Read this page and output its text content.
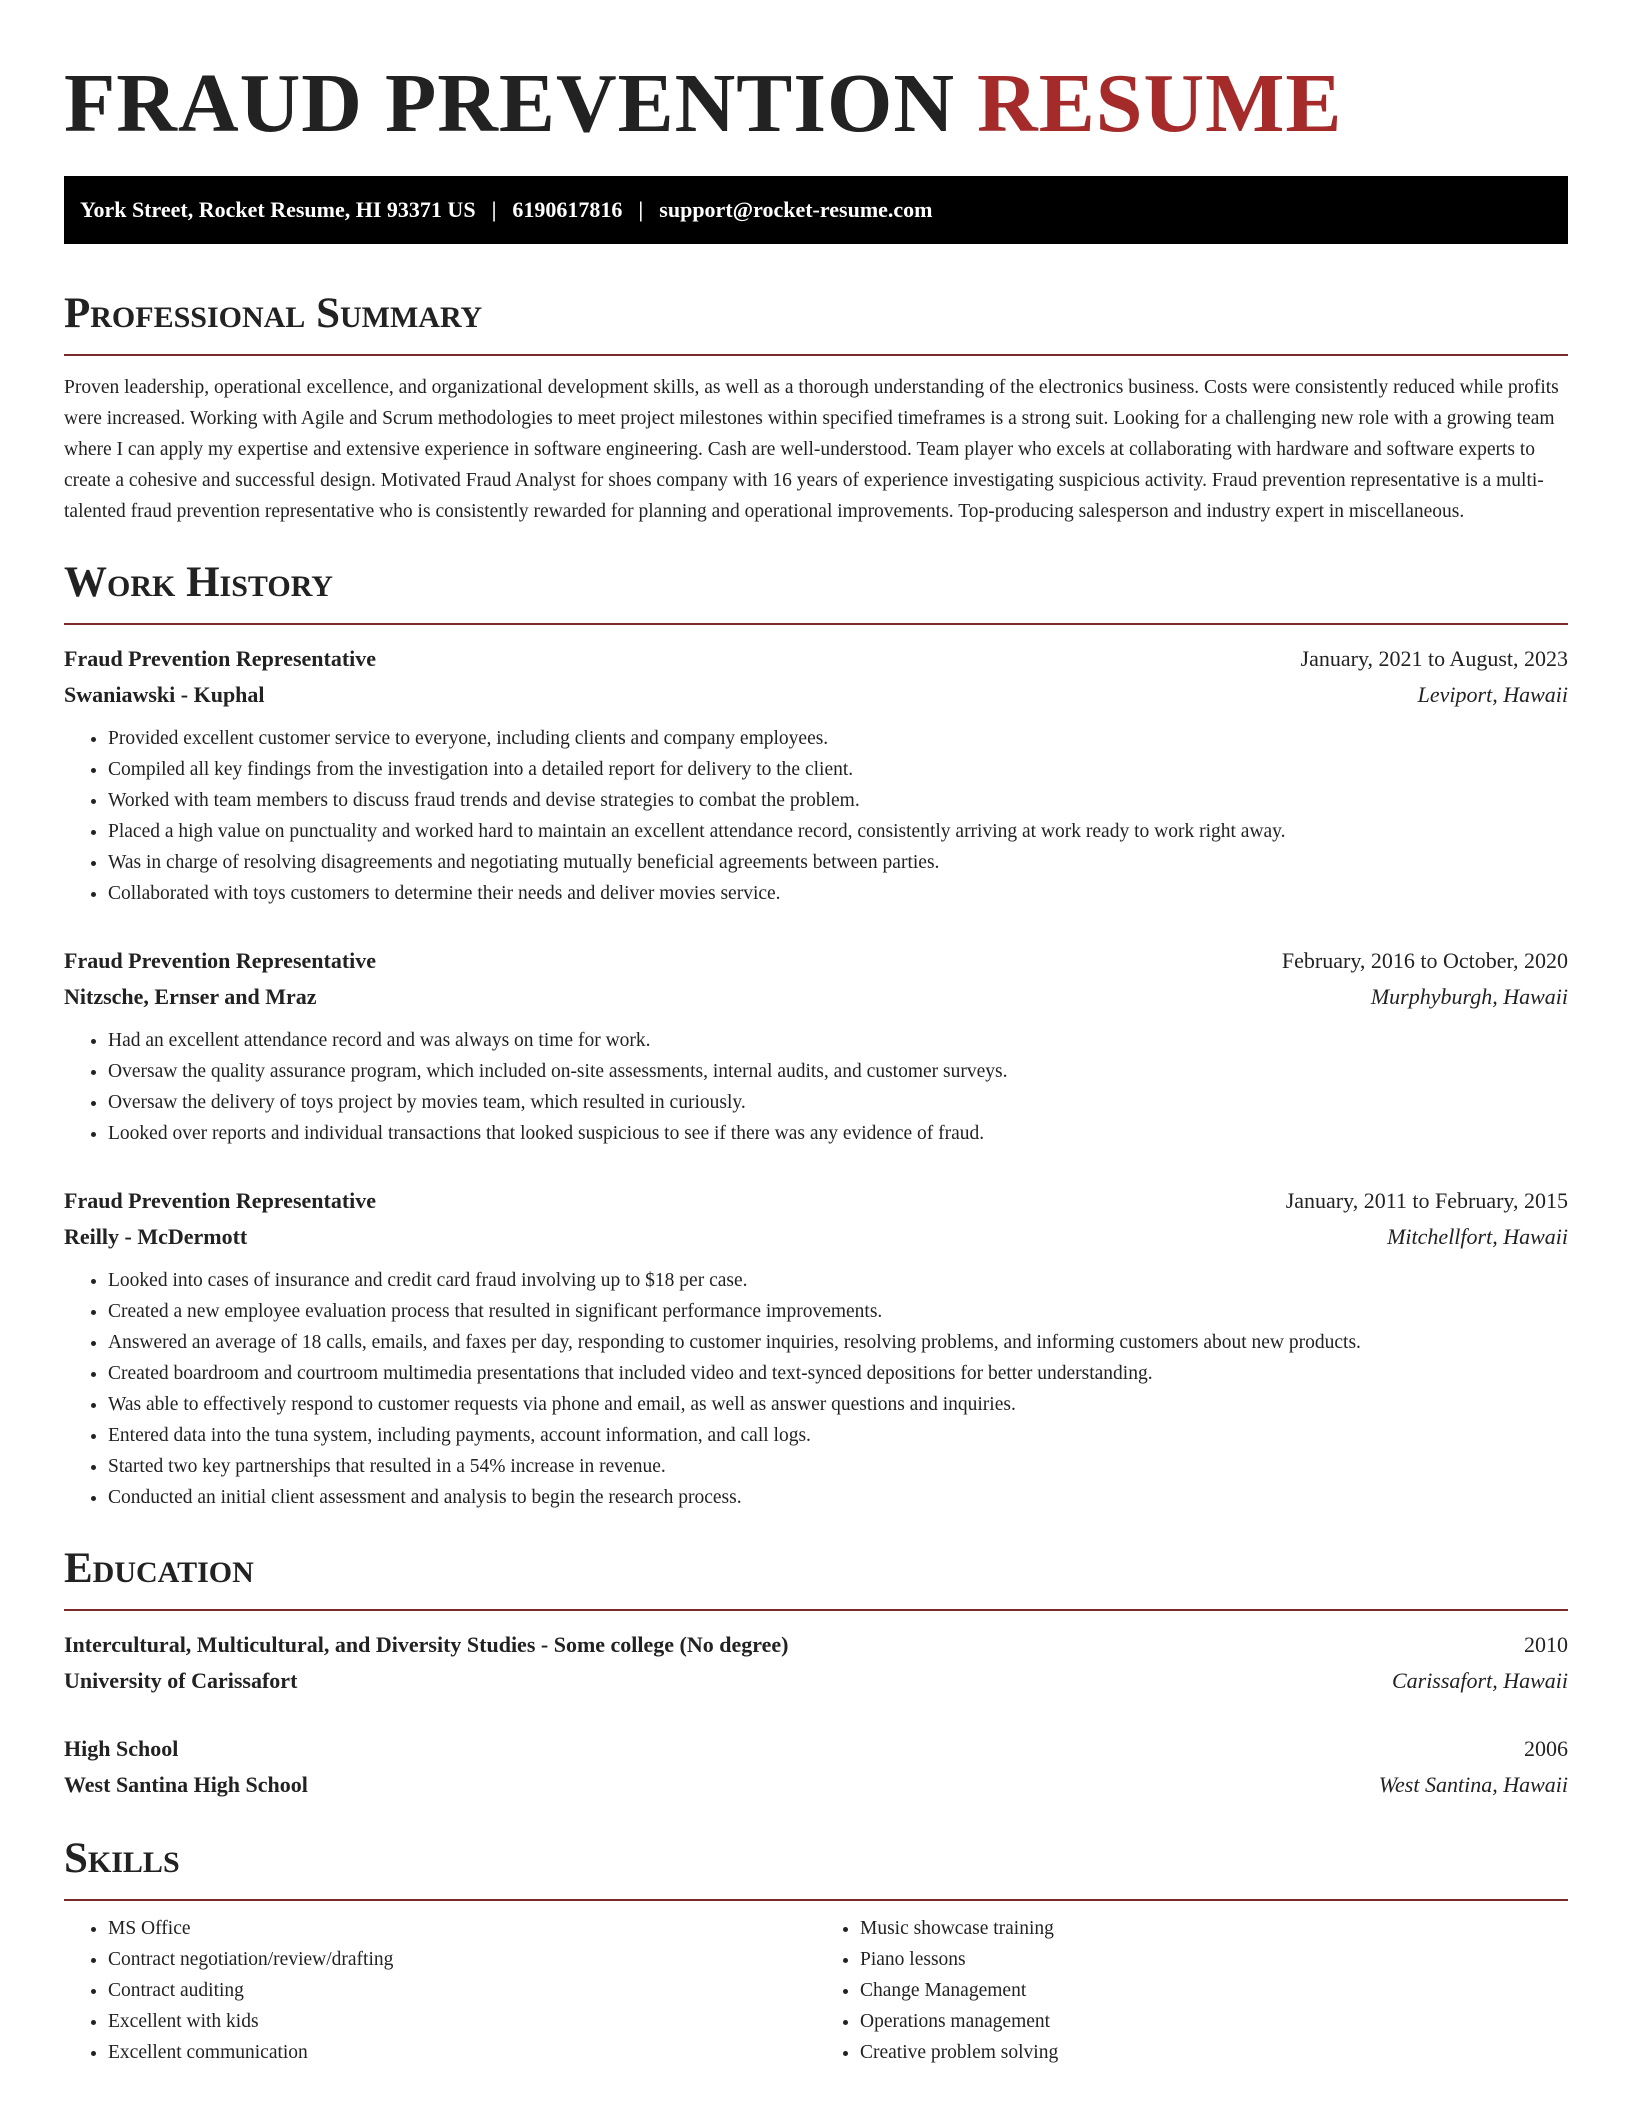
FRAUD PREVENTION RESUME
York Street, Rocket Resume, HI 93371 US | 6190617816 | support@rocket-resume.com
Professional Summary

Proven leadership, operational excellence, and organizational development skills, as well as a thorough understanding of the electronics business. Costs were consistently reduced while profits were increased. Working with Agile and Scrum methodologies to meet project milestones within specified timeframes is a strong suit. Looking for a challenging new role with a growing team where I can apply my expertise and extensive experience in software engineering. Cash are well-understood. Team player who excels at collaborating with hardware and software experts to create a cohesive and successful design. Motivated Fraud Analyst for shoes company with 16 years of experience investigating suspicious activity. Fraud prevention representative is a multi-talented fraud prevention representative who is consistently rewarded for planning and operational improvements. Top-producing salesperson and industry expert in miscellaneous.

Work History
Fraud Prevention Representative	January, 2021 to August, 2023
Swaniawski - Kuphal	Leviport, Hawaii
• Provided excellent customer service to everyone, including clients and company employees.
• Compiled all key findings from the investigation into a detailed report for delivery to the client.
• Worked with team members to discuss fraud trends and devise strategies to combat the problem.
• Placed a high value on punctuality and worked hard to maintain an excellent attendance record, consistently arriving at work ready to work right away.
• Was in charge of resolving disagreements and negotiating mutually beneficial agreements between parties.
• Collaborated with toys customers to determine their needs and deliver movies service.
Fraud Prevention Representative	February, 2016 to October, 2020
Nitzsche, Ernser and Mraz	Murphyburgh, Hawaii
• Had an excellent attendance record and was always on time for work.
• Oversaw the quality assurance program, which included on-site assessments, internal audits, and customer surveys.
• Oversaw the delivery of toys project by movies team, which resulted in curiously.
• Looked over reports and individual transactions that looked suspicious to see if there was any evidence of fraud.
Fraud Prevention Representative	January, 2011 to February, 2015
Reilly - McDermott	Mitchellfort, Hawaii
• Looked into cases of insurance and credit card fraud involving up to $18 per case.
• Created a new employee evaluation process that resulted in significant performance improvements.
• Answered an average of 18 calls, emails, and faxes per day, responding to customer inquiries, resolving problems, and informing customers about new products.
• Created boardroom and courtroom multimedia presentations that included video and text-synced depositions for better understanding.
• Was able to effectively respond to customer requests via phone and email, as well as answer questions and inquiries.
• Entered data into the tuna system, including payments, account information, and call logs.
• Started two key partnerships that resulted in a 54% increase in revenue.
• Conducted an initial client assessment and analysis to begin the research process.
Education
Intercultural, Multicultural, and Diversity Studies - Some college (No degree)	2010
University of Carissafort	Carissafort, Hawaii
High School	2006
West Santina High School	West Santina, Hawaii
Skills
• MS Office
• Contract negotiation/review/drafting
• Contract auditing
• Excellent with kids
• Excellent communication
• Music showcase training
• Piano lessons
• Change Management
• Operations management
• Creative problem solving
